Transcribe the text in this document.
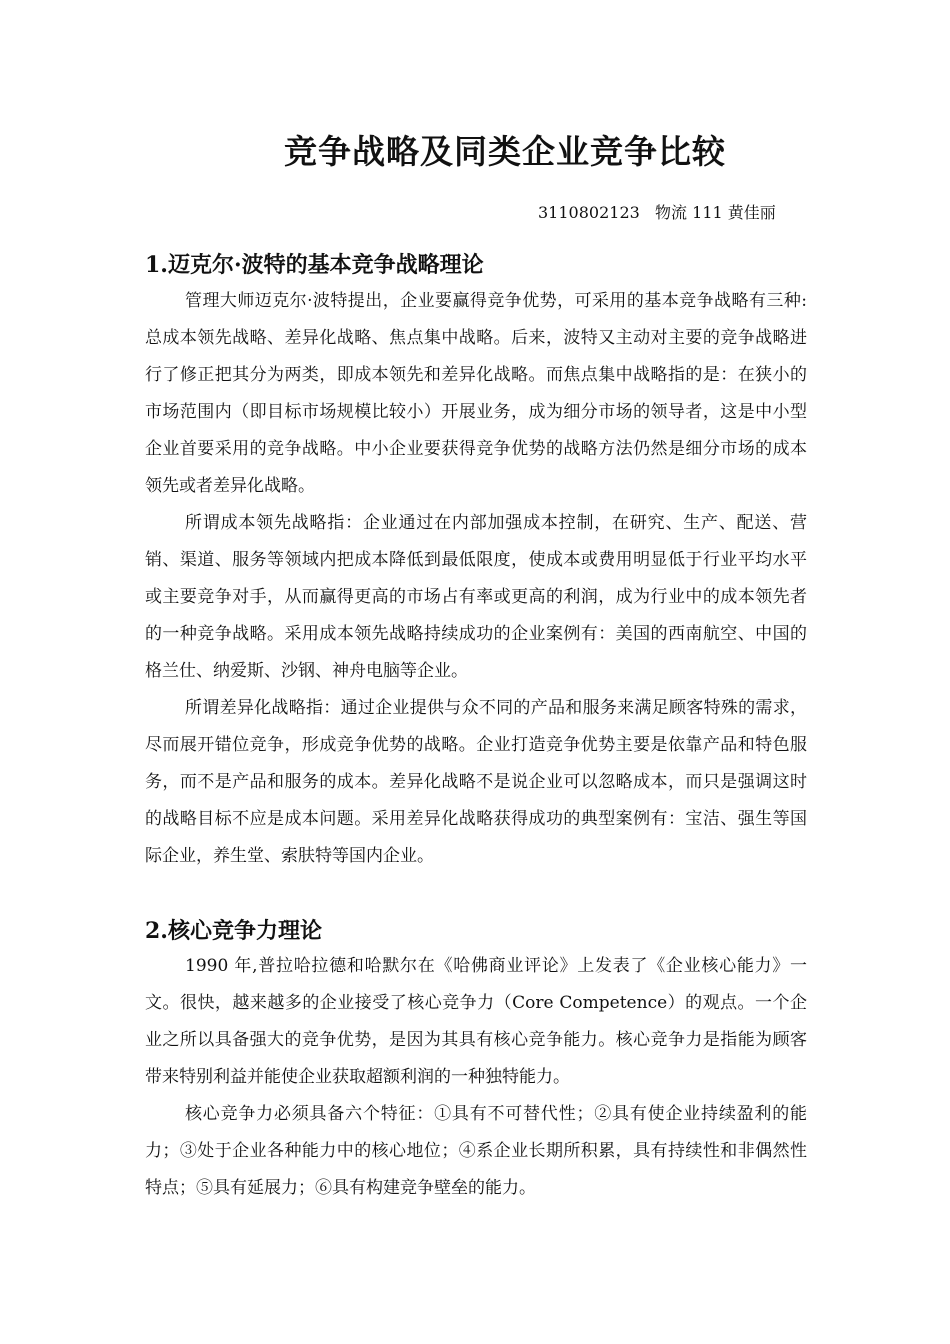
竞争战略及同类企业竞争比较

3110802123   物流 111 黄佳丽

1.迈克尔·波特的基本竞争战略理论

管理大师迈克尔·波特提出，企业要赢得竞争优势，可采用的基本竞争战略有三种:总成本领先战略、差异化战略、焦点集中战略。后来，波特又主动对主要的竞争战略进行了修正把其分为两类，即成本领先和差异化战略。而焦点集中战略指的是：在狭小的市场范围内（即目标市场规模比较小）开展业务，成为细分市场的领导者，这是中小型企业首要采用的竞争战略。中小企业要获得竞争优势的战略方法仍然是细分市场的成本领先或者差异化战略。

所谓成本领先战略指：企业通过在内部加强成本控制，在研究、生产、配送、营销、渠道、服务等领域内把成本降低到最低限度，使成本或费用明显低于行业平均水平或主要竞争对手，从而赢得更高的市场占有率或更高的利润，成为行业中的成本领先者的一种竞争战略。采用成本领先战略持续成功的企业案例有：美国的西南航空、中国的格兰仕、纳爱斯、沙钢、神舟电脑等企业。

所谓差异化战略指：通过企业提供与众不同的产品和服务来满足顾客特殊的需求，尽而展开错位竞争，形成竞争优势的战略。企业打造竞争优势主要是依靠产品和特色服务，而不是产品和服务的成本。差异化战略不是说企业可以忽略成本，而只是强调这时的战略目标不应是成本问题。采用差异化战略获得成功的典型案例有：宝洁、强生等国际企业，养生堂、索肤特等国内企业。

2.核心竞争力理论

1990 年,普拉哈拉德和哈默尔在《哈佛商业评论》上发表了《企业核心能力》一文。很快，越来越多的企业接受了核心竞争力（Core Competence）的观点。一个企业之所以具备强大的竞争优势，是因为其具有核心竞争能力。核心竞争力是指能为顾客带来特别利益并能使企业获取超额利润的一种独特能力。

核心竞争力必须具备六个特征：①具有不可替代性；②具有使企业持续盈利的能力；③处于企业各种能力中的核心地位；④系企业长期所积累，具有持续性和非偶然性特点；⑤具有延展力；⑥具有构建竞争壁垒的能力。
